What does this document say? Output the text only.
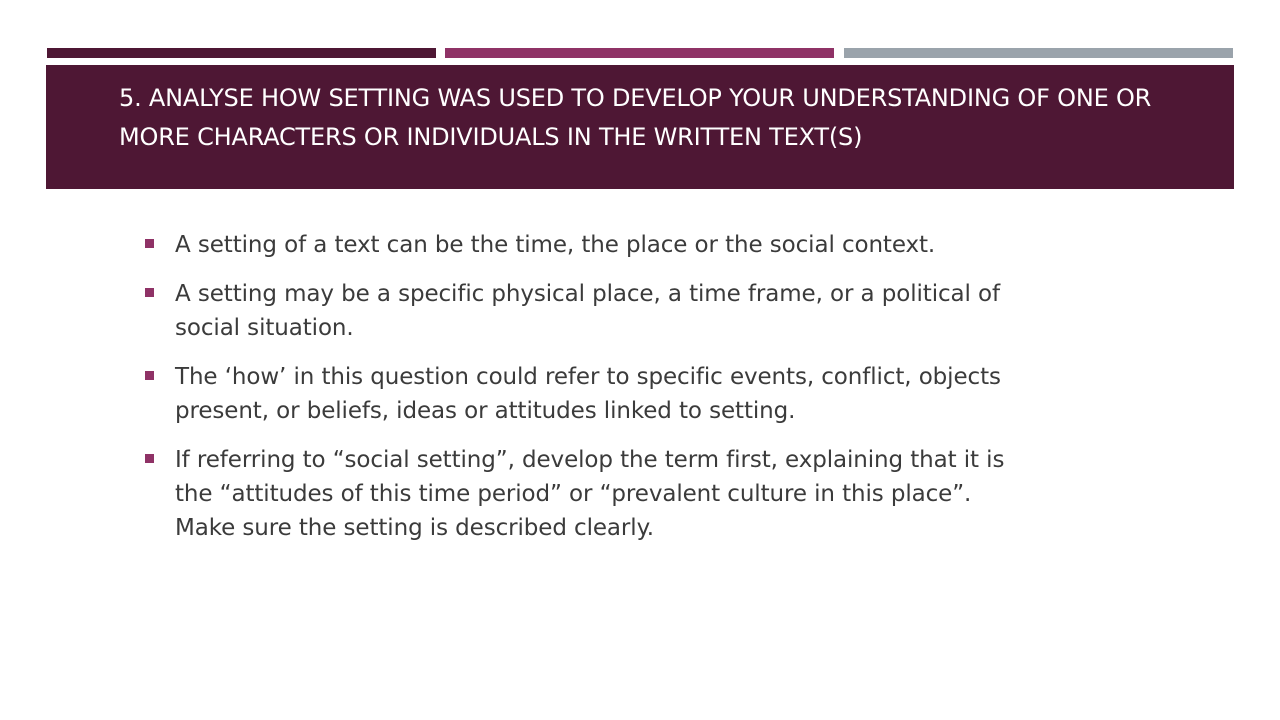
5. ANALYSE HOW SETTING WAS USED TO DEVELOP YOUR UNDERSTANDING OF ONE OR MORE CHARACTERS OR INDIVIDUALS IN THE WRITTEN TEXT(S)
A setting of a text can be the time, the place or the social context.
A setting may be a specific physical place, a time frame, or a political of social situation.
The ‘how’ in this question could refer to specific events, conflict, objects present, or beliefs, ideas or attitudes linked to setting.
If referring to “social setting”, develop the term first, explaining that it is the “attitudes of this time period” or “prevalent culture in this place”. Make sure the setting is described clearly.
